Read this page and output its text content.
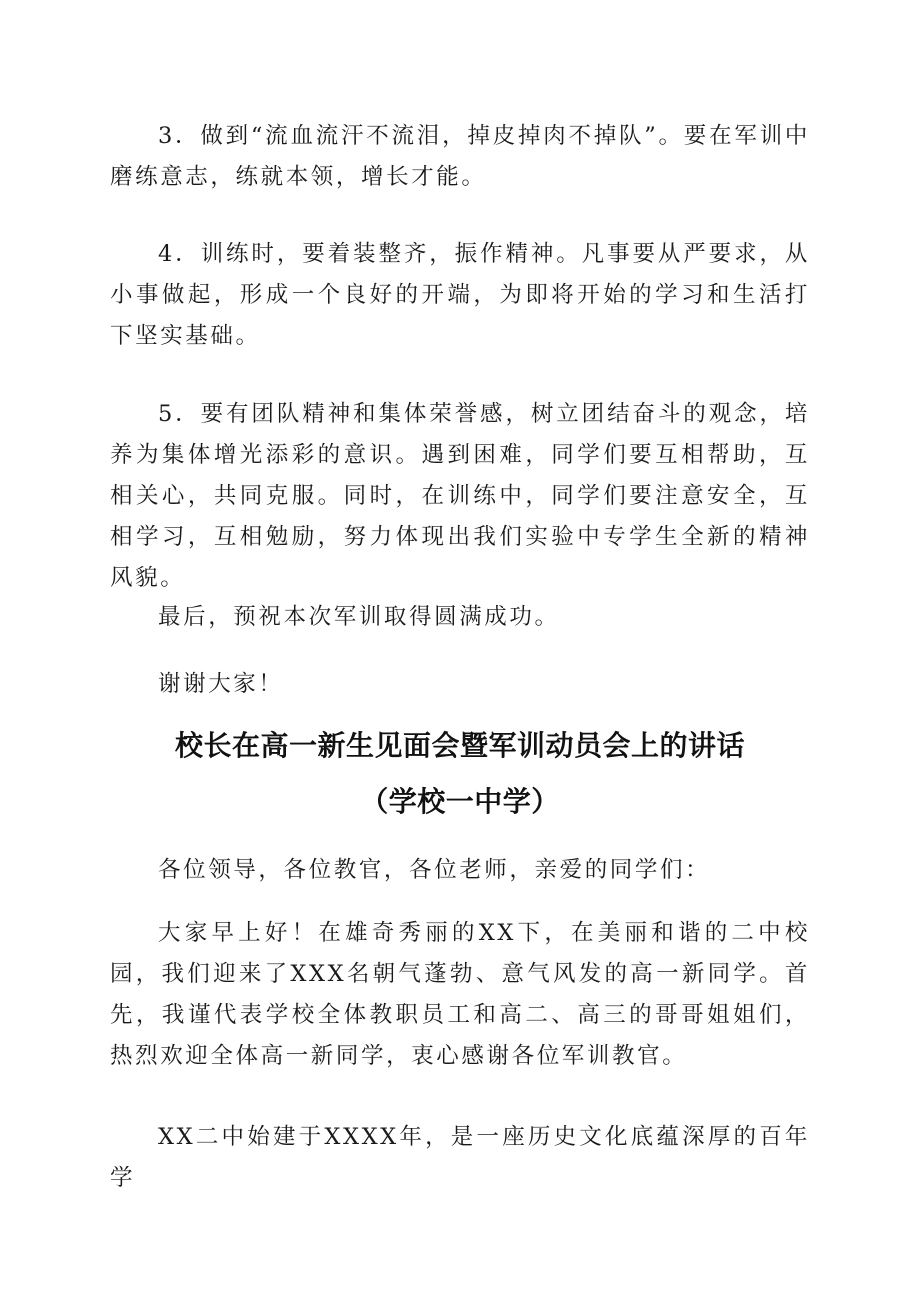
3．做到“流血流汗不流泪，掉皮掉肉不掉队”。要在军训中磨练意志，练就本领，增长才能。

4．训练时，要着装整齐，振作精神。凡事要从严要求，从小事做起，形成一个良好的开端，为即将开始的学习和生活打下坚实基础。

5．要有团队精神和集体荣誉感，树立团结奋斗的观念，培养为集体增光添彩的意识。遇到困难，同学们要互相帮助，互相关心，共同克服。同时，在训练中，同学们要注意安全，互相学习，互相勉励，努力体现出我们实验中专学生全新的精神风貌。

最后，预祝本次军训取得圆满成功。

谢谢大家！

校长在高一新生见面会暨军训动员会上的讲话
（学校一中学）

各位领导，各位教官，各位老师，亲爱的同学们：

大家早上好！在雄奇秀丽的XX下，在美丽和谐的二中校园，我们迎来了XXX名朝气蓬勃、意气风发的高一新同学。首先，我谨代表学校全体教职员工和高二、高三的哥哥姐姐们，热烈欢迎全体高一新同学，衷心感谢各位军训教官。

XX二中始建于XXXX年，是一座历史文化底蕴深厚的百年学
